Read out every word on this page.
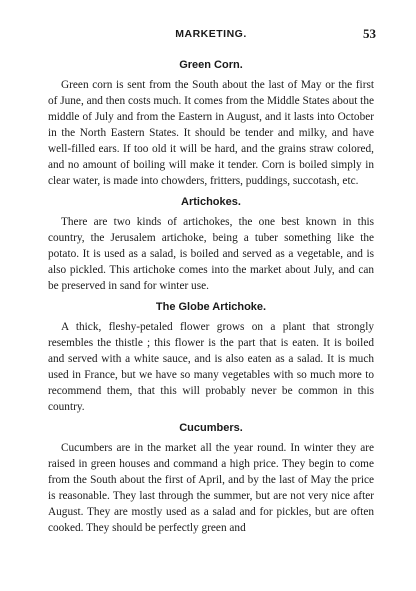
MARKETING.	53
Green Corn.

Green corn is sent from the South about the last of May or the first of June, and then costs much. It comes from the Middle States about the middle of July and from the Eastern in August, and it lasts into October in the North Eastern States. It should be tender and milky, and have well-filled ears. If too old it will be hard, and the grains straw colored, and no amount of boiling will make it tender. Corn is boiled simply in clear water, is made into chowders, fritters, puddings, succotash, etc.

Artichokes.

There are two kinds of artichokes, the one best known in this country, the Jerusalem artichoke, being a tuber something like the potato. It is used as a salad, is boiled and served as a vegetable, and is also pickled. This artichoke comes into the market about July, and can be preserved in sand for winter use.

The Globe Artichoke.

A thick, fleshy-petaled flower grows on a plant that strongly resembles the thistle ; this flower is the part that is eaten. It is boiled and served with a white sauce, and is also eaten as a salad. It is much used in France, but we have so many vegetables with so much more to recommend them, that this will probably never be common in this country.

Cucumbers.

Cucumbers are in the market all the year round. In winter they are raised in green houses and command a high price. They begin to come from the South about the first of April, and by the last of May the price is reasonable. They last through the summer, but are not very nice after August. They are mostly used as a salad and for pickles, but are often cooked. They should be perfectly green and
